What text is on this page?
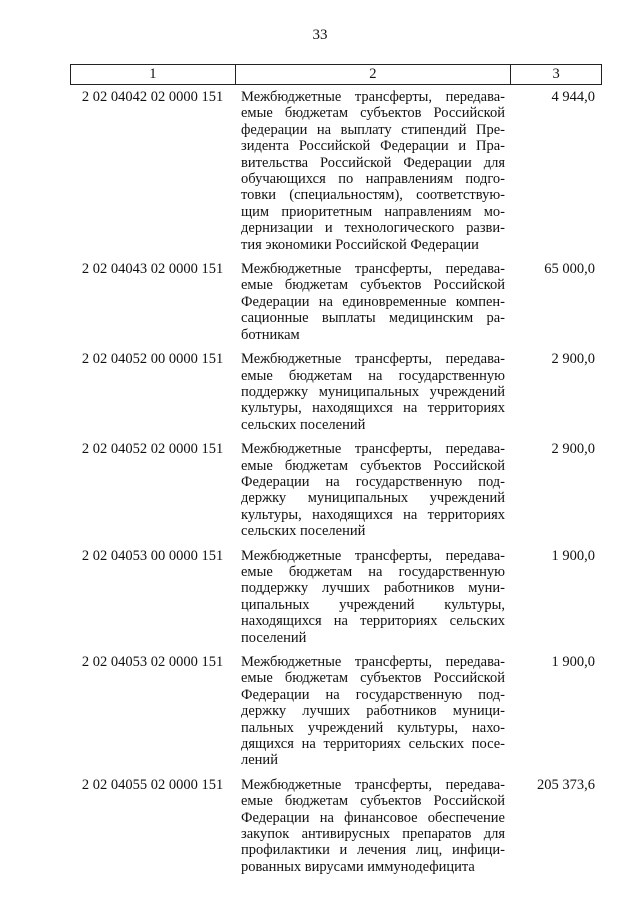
33
1	2	3
2 02 04042 02 0000 151	Межбюджетные трансферты, передава-
емые бюджетам субъектов Российской
федерации на выплату стипендий Пре-
зидента Российской Федерации и Пра-
вительства Российской Федерации для
обучающихся по направлениям подго-
товки (специальностям), соответствую-
щим приоритетным направлениям мо-
дернизации и технологического разви-
тия экономики Российской Федерации
4 944,0
2 02 04043 02 0000 151	Межбюджетные трансферты, передава-
емые бюджетам субъектов Российской
Федерации на единовременные компен-
сационные выплаты медицинским ра-
ботникам
65 000,0
2 02 04052 00 0000 151	Межбюджетные трансферты, передава-
емые бюджетам на государственную
поддержку муниципальных учреждений
культуры, находящихся на территориях
сельских поселений
2 900,0
2 02 04052 02 0000 151	Межбюджетные трансферты, передава-
емые бюджетам субъектов Российской
Федерации на государственную под-
держку муниципальных учреждений
культуры, находящихся на территориях
сельских поселений
2 900,0
2 02 04053 00 0000 151	Межбюджетные трансферты, передава-
емые бюджетам на государственную
поддержку лучших работников муни-
ципальных учреждений культуры,
находящихся на территориях сельских
поселений
1 900,0
2 02 04053 02 0000 151	Межбюджетные трансферты, передава-
емые бюджетам субъектов Российской
Федерации на государственную под-
держку лучших работников муници-
пальных учреждений культуры, нахо-
дящихся на территориях сельских посе-
лений
1 900,0
2 02 04055 02 0000 151	Межбюджетные трансферты, передава-
емые бюджетам субъектов Российской
Федерации на финансовое обеспечение
закупок антивирусных препаратов для
профилактики и лечения лиц, инфици-
рованных вирусами иммунодефицита
205 373,6
